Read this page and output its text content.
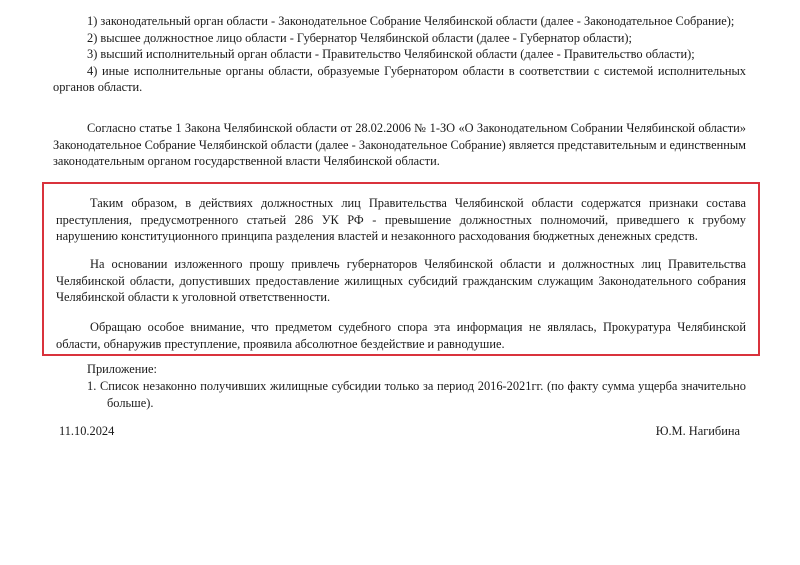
1) законодательный орган области - Законодательное Собрание Челябинской области (далее - Законодательное Собрание);
2) высшее должностное лицо области - Губернатор Челябинской области (далее - Губернатор области);
3) высший исполнительный орган области - Правительство Челябинской области (далее - Правительство области);
4) иные исполнительные органы области, образуемые Губернатором области в соответствии с системой исполнительных органов области.

Согласно статье 1 Закона Челябинской области от 28.02.2006 № 1-ЗО «О Законодательном Собрании Челябинской области» Законодательное Собрание Челябинской области (далее - Законодательное Собрание) является представительным и единственным законодательным органом государственной власти Челябинской области.

Таким образом, в действиях должностных лиц Правительства Челябинской области содержатся признаки состава преступления, предусмотренного статьей 286 УК РФ - превышение должностных полномочий, приведшего к грубому нарушению конституционного принципа разделения властей и незаконного расходования бюджетных денежных средств.

На основании изложенного прошу привлечь губернаторов Челябинской области и должностных лиц Правительства Челябинской области, допустивших предоставление жилищных субсидий гражданским служащим Законодательного собрания Челябинской области к уголовной ответственности.

Обращаю особое внимание, что предметом судебного спора эта информация не являлась, Прокуратура Челябинской области, обнаружив преступление, проявила абсолютное бездействие и равнодушие.

Приложение:

1. Список незаконно получивших жилищные субсидии только за период 2016-2021гг. (по факту сумма ущерба значительно больше).

11.10.2024	Ю.М. Нагибина
